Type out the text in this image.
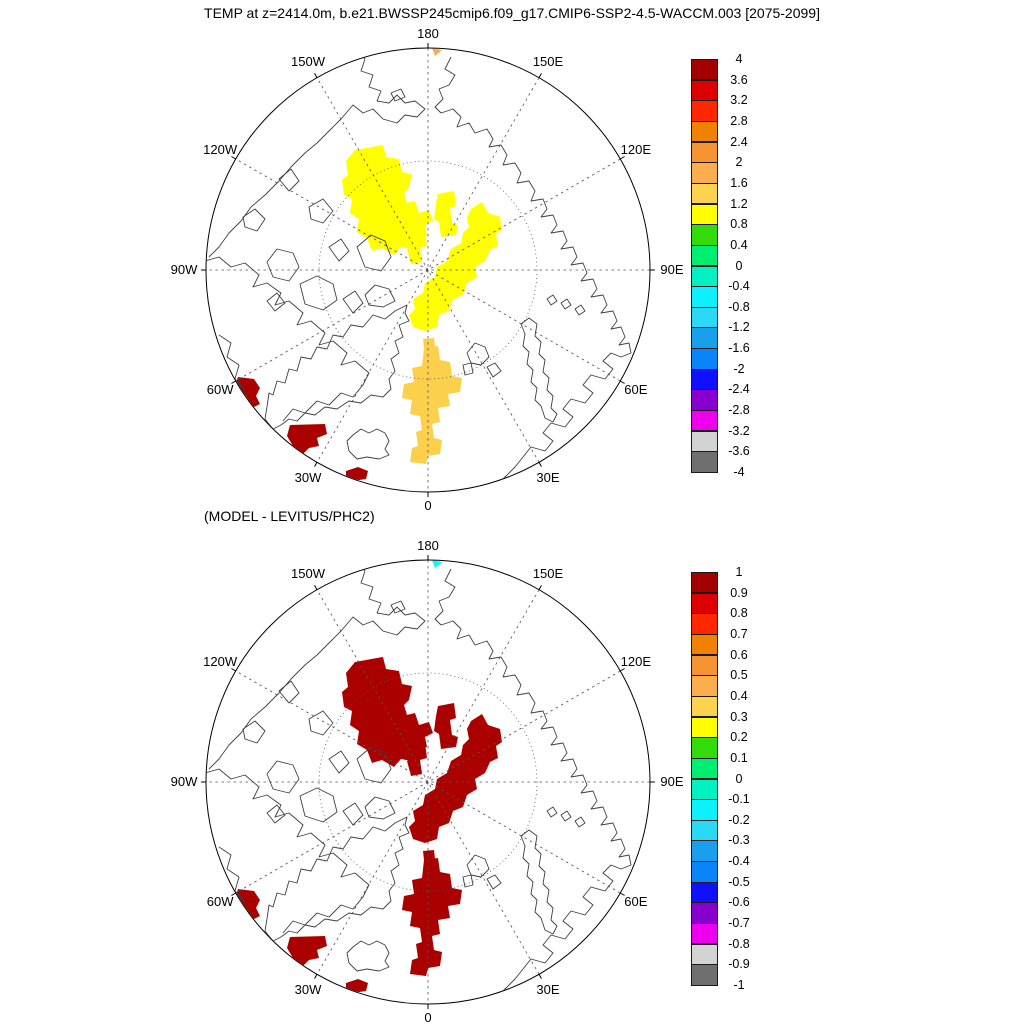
TEMP at z=2414.0m, b.e21.BWSSP245cmip6.f09_g17.CMIP6-SSP2-4.5-WACCM.003 [2075-2099]
180
150E
120E
90E
60E
30E
0
30W
60W
90W
120W
150W
(MODEL - LEVITUS/PHC2)
180
150E
120E
90E
60E
30E
0
30W
60W
90W
120W
150W
4
3.6
3.2
2.8
2.4
2
1.6
1.2
0.8
0.4
0
-0.4
-0.8
-1.2
-1.6
-2
-2.4
-2.8
-3.2
-3.6
-4
1
0.9
0.8
0.7
0.6
0.5
0.4
0.3
0.2
0.1
0
-0.1
-0.2
-0.3
-0.4
-0.5
-0.6
-0.7
-0.8
-0.9
-1
